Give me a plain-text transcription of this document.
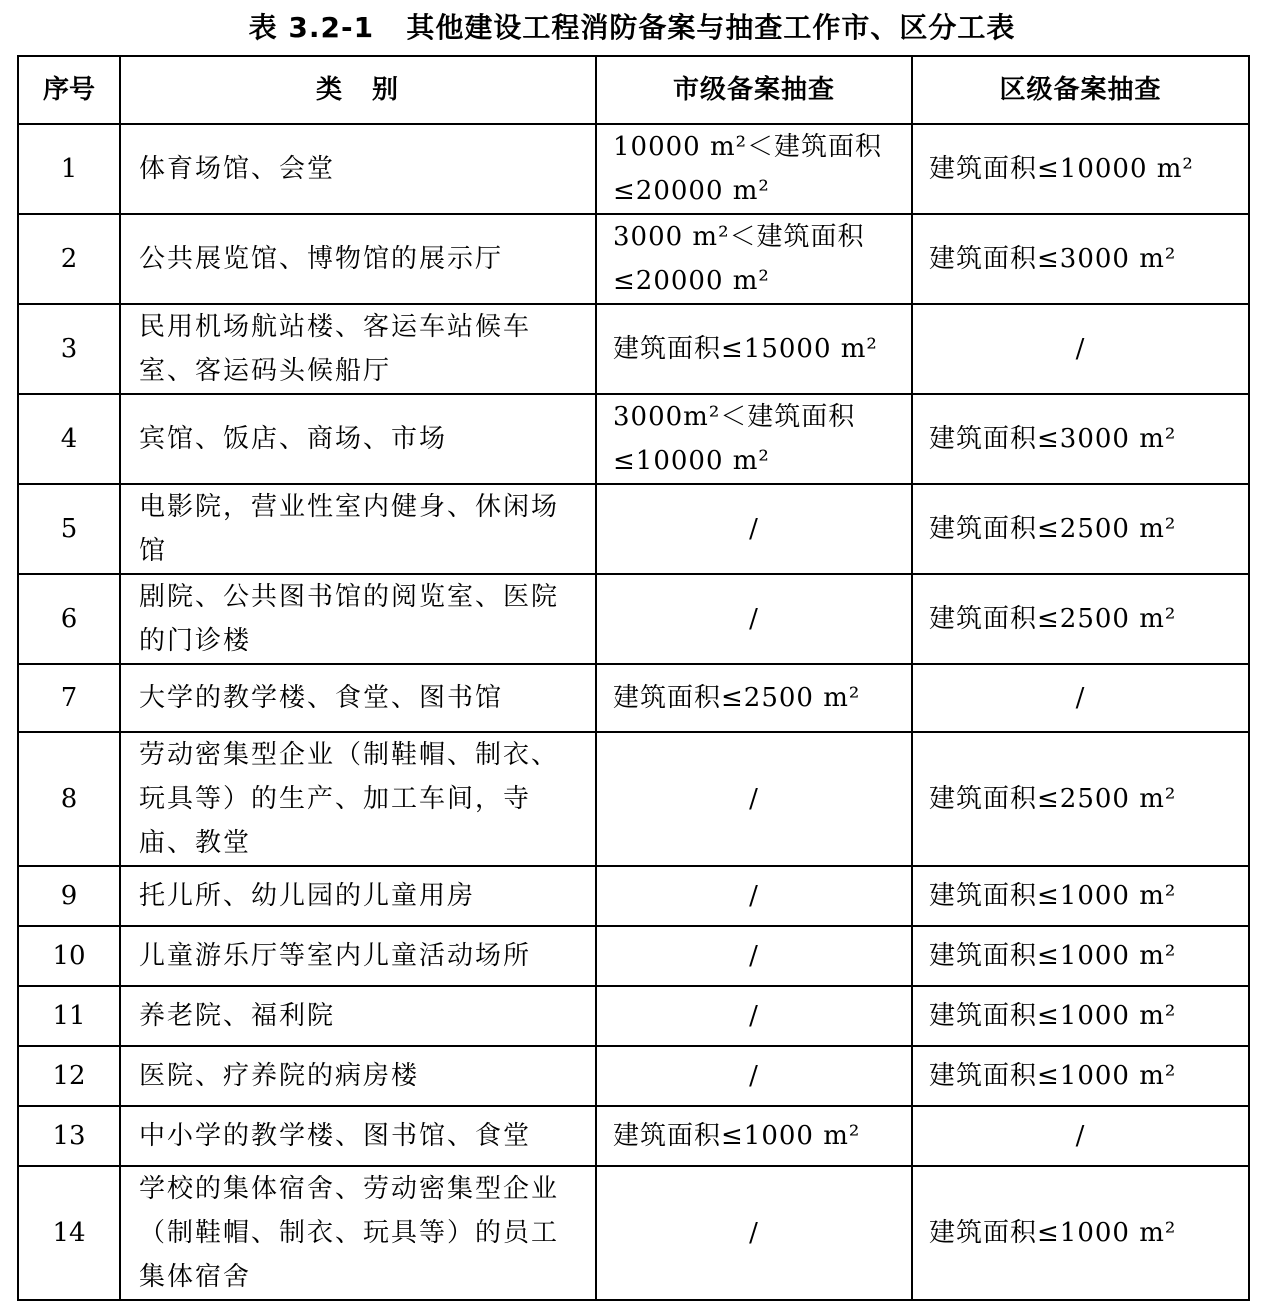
表 3.2-1   其他建设工程消防备案与抽查工作市、区分工表
序号	类　别	市级备案抽查	区级备案抽查
1	体育场馆、会堂	10000 m²＜建筑面积≤20000 m²	建筑面积≤10000 m²
2	公共展览馆、博物馆的展示厅	3000 m²＜建筑面积≤20000 m²	建筑面积≤3000 m²
3	民用机场航站楼、客运车站候车室、客运码头候船厅	建筑面积≤15000 m²	/
4	宾馆、饭店、商场、市场	3000m²＜建筑面积≤10000 m²	建筑面积≤3000 m²
5	电影院，营业性室内健身、休闲场馆	/	建筑面积≤2500 m²
6	剧院、公共图书馆的阅览室、医院的门诊楼	/	建筑面积≤2500 m²
7	大学的教学楼、食堂、图书馆	建筑面积≤2500 m²	/
8	劳动密集型企业（制鞋帽、制衣、玩具等）的生产、加工车间，寺庙、教堂	/	建筑面积≤2500 m²
9	托儿所、幼儿园的儿童用房	/	建筑面积≤1000 m²
10	儿童游乐厅等室内儿童活动场所	/	建筑面积≤1000 m²
11	养老院、福利院	/	建筑面积≤1000 m²
12	医院、疗养院的病房楼	/	建筑面积≤1000 m²
13	中小学的教学楼、图书馆、食堂	建筑面积≤1000 m²	/
14	学校的集体宿舍、劳动密集型企业（制鞋帽、制衣、玩具等）的员工集体宿舍	/	建筑面积≤1000 m²
